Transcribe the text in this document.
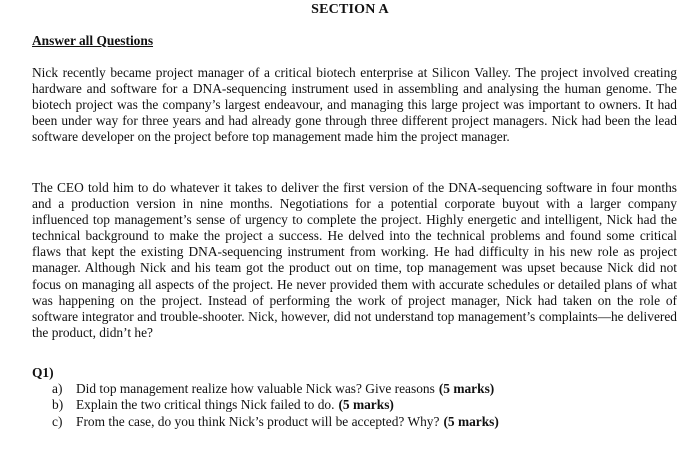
SECTION A
Answer all Questions

Nick recently became project manager of a critical biotech enterprise at Silicon Valley. The project involved creating hardware and software for a DNA-sequencing instrument used in assembling and analysing the human genome. The biotech project was the company’s largest endeavour, and managing this large project was important to owners. It had been under way for three years and had already gone through three different project managers. Nick had been the lead software developer on the project before top management made him the project manager.

The CEO told him to do whatever it takes to deliver the first version of the DNA-sequencing software in four months and a production version in nine months. Negotiations for a potential corporate buyout with a larger company influenced top management’s sense of urgency to complete the project. Highly energetic and intelligent, Nick had the technical background to make the project a success. He delved into the technical problems and found some critical flaws that kept the existing DNA-sequencing instrument from working. He had difficulty in his new role as project manager. Although Nick and his team got the product out on time, top management was upset because Nick did not focus on managing all aspects of the project. He never provided them with accurate schedules or detailed plans of what was happening on the project. Instead of performing the work of project manager, Nick had taken on the role of software integrator and trouble-shooter. Nick, however, did not understand top management’s complaints—he delivered the product, didn’t he?

Q1)
a)	Did top management realize how valuable Nick was? Give reasons (5 marks)
b) Explain the two critical things Nick failed to do. (5 marks)
c)	From the case, do you think Nick’s product will be accepted? Why? (5 marks)
